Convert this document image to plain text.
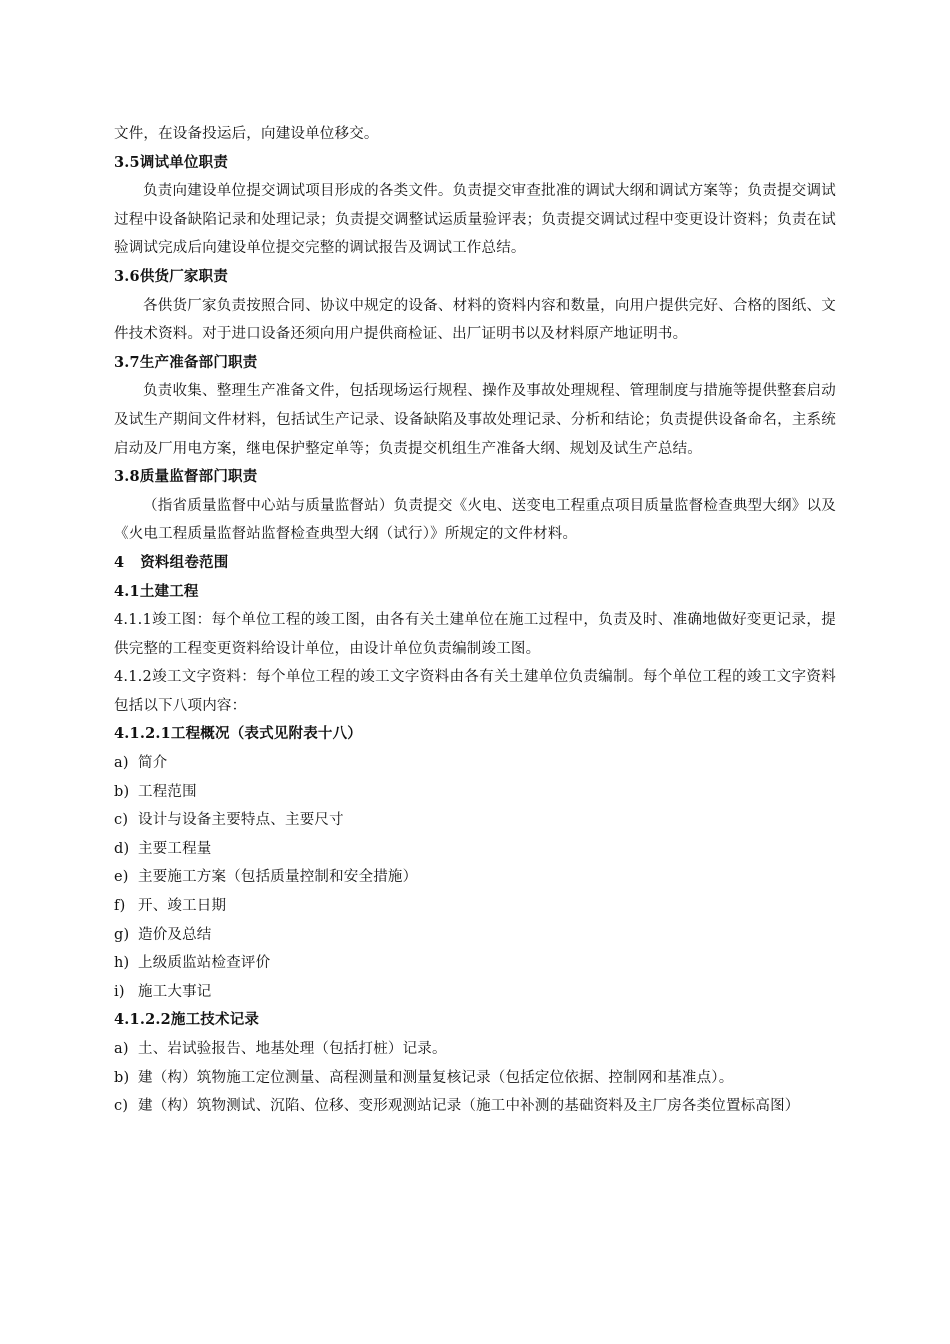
文件，在设备投运后，向建设单位移交。
3.5调试单位职责
负责向建设单位提交调试项目形成的各类文件。负责提交审查批准的调试大纲和调试方案等；负责提交调试过程中设备缺陷记录和处理记录；负责提交调整试运质量验评表；负责提交调试过程中变更设计资料；负责在试验调试完成后向建设单位提交完整的调试报告及调试工作总结。
3.6供货厂家职责
各供货厂家负责按照合同、协议中规定的设备、材料的资料内容和数量，向用户提供完好、合格的图纸、文件技术资料。对于进口设备还须向用户提供商检证、出厂证明书以及材料原产地证明书。
3.7生产准备部门职责
负责收集、整理生产准备文件，包括现场运行规程、操作及事故处理规程、管理制度与措施等提供整套启动及试生产期间文件材料，包括试生产记录、设备缺陷及事故处理记录、分析和结论；负责提供设备命名，主系统启动及厂用电方案，继电保护整定单等；负责提交机组生产准备大纲、规划及试生产总结。
3.8质量监督部门职责
（指省质量监督中心站与质量监督站）负责提交《火电、送变电工程重点项目质量监督检查典型大纲》以及《火电工程质量监督站监督检查典型大纲（试行）》所规定的文件材料。
4 资料组卷范围
4.1土建工程
4.1.1竣工图：每个单位工程的竣工图，由各有关土建单位在施工过程中，负责及时、准确地做好变更记录，提供完整的工程变更资料给设计单位，由设计单位负责编制竣工图。
4.1.2竣工文字资料：每个单位工程的竣工文字资料由各有关土建单位负责编制。每个单位工程的竣工文字资料包括以下八项内容：
4.1.2.1工程概况（表式见附表十八）
a) 简介
b) 工程范围
c) 设计与设备主要特点、主要尺寸
d) 主要工程量
e) 主要施工方案（包括质量控制和安全措施）
f) 开、竣工日期
g) 造价及总结
h) 上级质监站检查评价
i) 施工大事记
4.1.2.2施工技术记录
a) 土、岩试验报告、地基处理（包括打桩）记录。
b) 建（构）筑物施工定位测量、高程测量和测量复核记录（包括定位依据、控制网和基准点）。
c) 建（构）筑物测试、沉陷、位移、变形观测站记录（施工中补测的基础资料及主厂房各类位置标高图）
